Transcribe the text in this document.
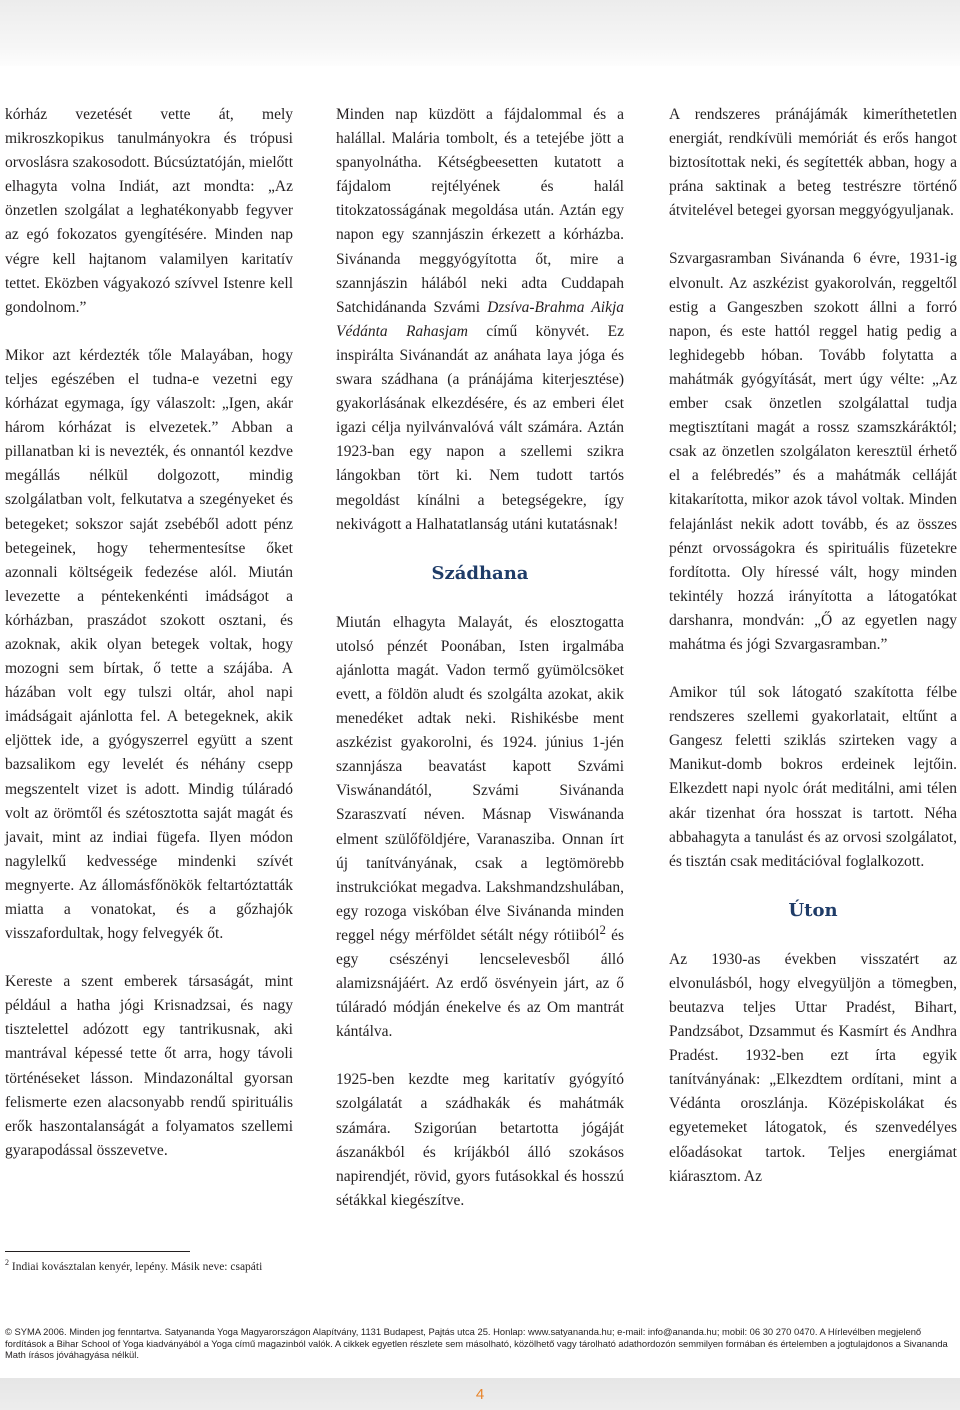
kórház vezetését vette át, mely mikroszkopikus tanulmányokra és trópusi orvoslásra szakosodott. Búcsúztatóján, mielőtt elhagyta volna Indiát, azt mondta: „Az önzetlen szolgálat a leghatékonyabb fegyver az egó fokozatos gyengítésére. Minden nap végre kell hajtanom valamilyen karitatív tettet. Eközben vágyakozó szívvel Istenre kell gondolnom.”

Mikor azt kérdezték tőle Malayában, hogy teljes egészében el tudna-e vezetni egy kórházat egymaga, így válaszolt: „Igen, akár három kórházat is elvezetek.” Abban a pillanatban ki is nevezték, és onnantól kezdve megállás nélkül dolgozott, mindig szolgálatban volt, felkutatva a szegényeket és betegeket; sokszor saját zsebéből adott pénz betegeinek, hogy tehermentesítse őket azonnali költségeik fedezése alól. Miután levezette a péntekenkénti imádságot a kórházban, praszádot szokott osztani, és azoknak, akik olyan betegek voltak, hogy mozogni sem bírtak, ő tette a szájába. A házában volt egy tulszi oltár, ahol napi imádságait ajánlotta fel. A betegeknek, akik eljöttek ide, a gyógyszerrel együtt a szent bazsalikom egy levelét és néhány csepp megszentelt vizet is adott. Mindig túláradó volt az örömtől és szétosztotta saját magát és javait, mint az indiai fügefa. Ilyen módon nagylelkű kedvessége mindenki szívét megnyerte. Az állomásfőnökök feltartóztatták miatta a vonatokat, és a gőzhajók visszafordultak, hogy felvegyék őt.

Kereste a szent emberek társaságát, mint például a hatha jógi Krisnadzsai, és nagy tisztelettel adózott egy tantrikusnak, aki mantrával képessé tette őt arra, hogy távoli történéseket lásson. Mindazonáltal gyorsan felismerte ezen alacsonyabb rendű spirituális erők haszontalanságát a folyamatos szellemi gyarapodással összevetve.

Minden nap küzdött a fájdalommal és a halállal. Malária tombolt, és a tetejébe jött a spanyolnátha. Kétségbeesetten kutatott a fájdalom rejtélyének és halál titokzatosságának megoldása után. Aztán egy napon egy szannjászin érkezett a kórházba. Sivánanda meggyógyította őt, mire a szannjászin hálából neki adta Cuddapah Satchidánanda Szvámi Dzsíva-Brahma Aikja Védánta Rahasjam című könyvét. Ez inspirálta Sivánandát az anáhata laya jóga és swara szádhana (a pránájáma kiterjesztése) gyakorlásának elkezdésére, és az emberi élet igazi célja nyilvánvalóvá vált számára. Aztán 1923-ban egy napon a szellemi szikra lángokban tört ki. Nem tudott tartós megoldást kínálni a betegségekre, így nekivágott a Halhatatlanság utáni kutatásnak!

Szádhana

Miután elhagyta Malayát, és elosztogatta utolsó pénzét Poonában, Isten irgalmába ajánlotta magát. Vadon termő gyümölcsöket evett, a földön aludt és szolgálta azokat, akik menedéket adtak neki. Rishikésbe ment aszkézist gyakorolni, és 1924. június 1-jén szannjásza beavatást kapott Szvámi Viswánandától, Szvámi Sivánanda Szaraszvatí néven. Másnap Viswánanda elment szülőföldjére, Varanasziba. Onnan írt új tanítványának, csak a legtömörebb instrukciókat megadva. Lakshmandzshulában, egy rozoga viskóban élve Sivánanda minden reggel négy mérföldet sétált négy rótiiból$^2$ és egy csészényi lencselevesből álló alamizsnájáért. Az erdő ösvényein járt, az ő túláradó módján énekelve és az Om mantrát kántálva.

1925-ben kezdte meg karitatív gyógyító szolgálatát a szádhakák és mahátmák számára. Szigorúan betartotta jógáját ászanákból és kríjákból álló szokásos napirendjét, rövid, gyors futásokkal és hosszú sétákkal kiegészítve.

A rendszeres pránájámák kimeríthetetlen energiát, rendkívüli memóriát és erős hangot biztosítottak neki, és segítették abban, hogy a prána saktinak a beteg testrészre történő átvitelével betegei gyorsan meggyógyuljanak.

Szvargasramban Sivánanda 6 évre, 1931-ig elvonult. Az aszkézist gyakorolván, reggeltől estig a Gangeszben szokott állni a forró napon, és este hattól reggel hatig pedig a leghidegebb hóban. Tovább folytatta a mahátmák gyógyítását, mert úgy vélte: „Az ember csak önzetlen szolgálattal tudja megtisztítani magát a rossz szamszkáráktól; csak az önzetlen szolgálaton keresztül érhető el a felébredés” és a mahátmák celláját kitakarította, mikor azok távol voltak. Minden felajánlást nekik adott tovább, és az összes pénzt orvosságokra és spirituális füzetekre fordította. Oly híressé vált, hogy minden tekintély hozzá irányította a látogatókat darshanra, mondván: „Ő az egyetlen nagy mahátma és jógi Szvargasramban.”

Amikor túl sok látogató szakította félbe rendszeres szellemi gyakorlatait, eltűnt a Gangesz feletti sziklás szirteken vagy a Manikut-domb bokros erdeinek lejtőin. Elkezdett napi nyolc órát meditálni, ami télen akár tizenhat óra hosszat is tartott. Néha abbahagyta a tanulást és az orvosi szolgálatot, és tisztán csak meditációval foglalkozott.

Úton

Az 1930-as években visszatért az elvonulásból, hogy elvegyüljön a tömegben, beutazva teljes Uttar Pradést, Bihart, Pandzsábot, Dzsammut és Kasmírt és Andhra Pradést. 1932-ben ezt írta egyik tanítványának: „Elkezdtem ordítani, mint a Védánta oroszlánja. Középiskolákat és egyetemeket látogatok, és szenvedélyes előadásokat tartok. Teljes energiámat kiárasztom. Az

$^2$ Indiai kovásztalan kenyér, lepény. Másik neve: csapáti
© SYMA 2006. Minden jog fenntartva. Satyananda Yoga Magyarországon Alapítvány, 1131 Budapest, Pajtás utca 25. Honlap: www.satyananda.hu; e-mail: info@ananda.hu; mobil: 06 30 270 0470. A Hírlevélben megjelenő fordítások a Bihar School of Yoga kiadványából a Yoga című magazinból valók. A cikkek egyetlen részlete sem másolható, közölhető vagy tárolható adathordozón semmilyen formában és értelemben a jogtulajdonos a Sivananda Math írásos jóváhagyása nélkül.
4
